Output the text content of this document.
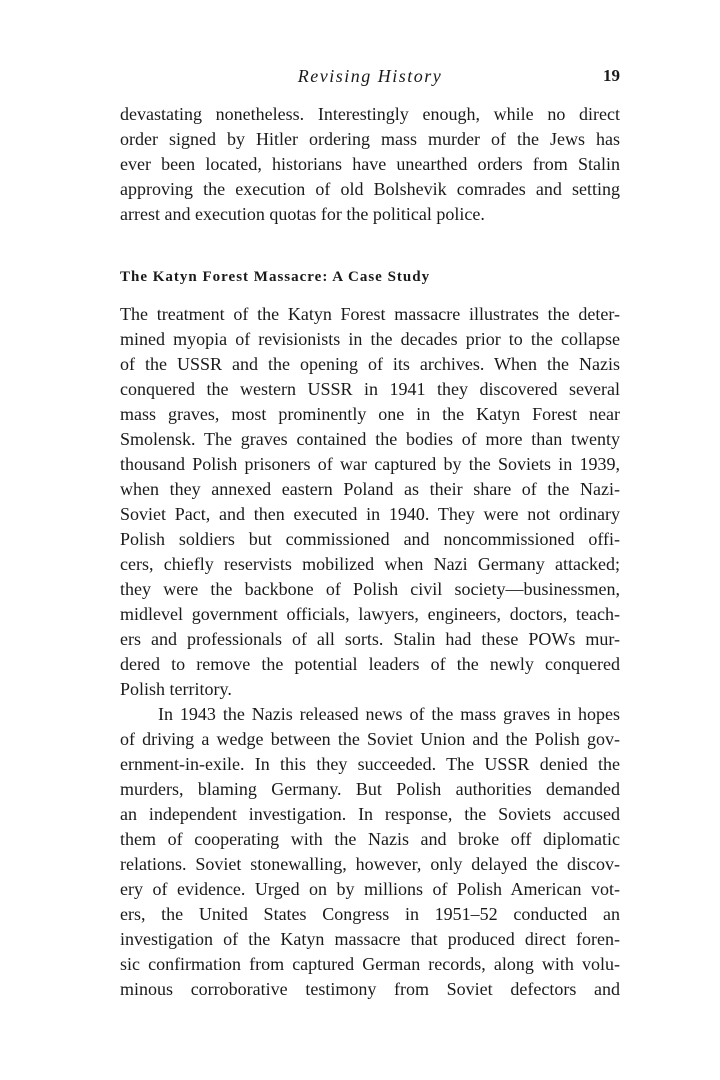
Revising History	19
devastating nonetheless. Interestingly enough, while no direct
order signed by Hitler ordering mass murder of the Jews has
ever been located, historians have unearthed orders from Stalin
approving the execution of old Bolshevik comrades and setting
arrest and execution quotas for the political police.
The Katyn Forest Massacre: A Case Study
The treatment of the Katyn Forest massacre illustrates the deter-
mined myopia of revisionists in the decades prior to the collapse
of the USSR and the opening of its archives. When the Nazis
conquered the western USSR in 1941 they discovered several
mass graves, most prominently one in the Katyn Forest near
Smolensk. The graves contained the bodies of more than twenty
thousand Polish prisoners of war captured by the Soviets in 1939,
when they annexed eastern Poland as their share of the Nazi-
Soviet Pact, and then executed in 1940. They were not ordinary
Polish soldiers but commissioned and noncommissioned offi-
cers, chiefly reservists mobilized when Nazi Germany attacked;
they were the backbone of Polish civil society—businessmen,
midlevel government officials, lawyers, engineers, doctors, teach-
ers and professionals of all sorts. Stalin had these POWs mur-
dered to remove the potential leaders of the newly conquered
Polish territory.
In 1943 the Nazis released news of the mass graves in hopes
of driving a wedge between the Soviet Union and the Polish gov-
ernment-in-exile. In this they succeeded. The USSR denied the
murders, blaming Germany. But Polish authorities demanded
an independent investigation. In response, the Soviets accused
them of cooperating with the Nazis and broke off diplomatic
relations. Soviet stonewalling, however, only delayed the discov-
ery of evidence. Urged on by millions of Polish American vot-
ers, the United States Congress in 1951–52 conducted an
investigation of the Katyn massacre that produced direct foren-
sic confirmation from captured German records, along with volu-
minous corroborative testimony from Soviet defectors and
